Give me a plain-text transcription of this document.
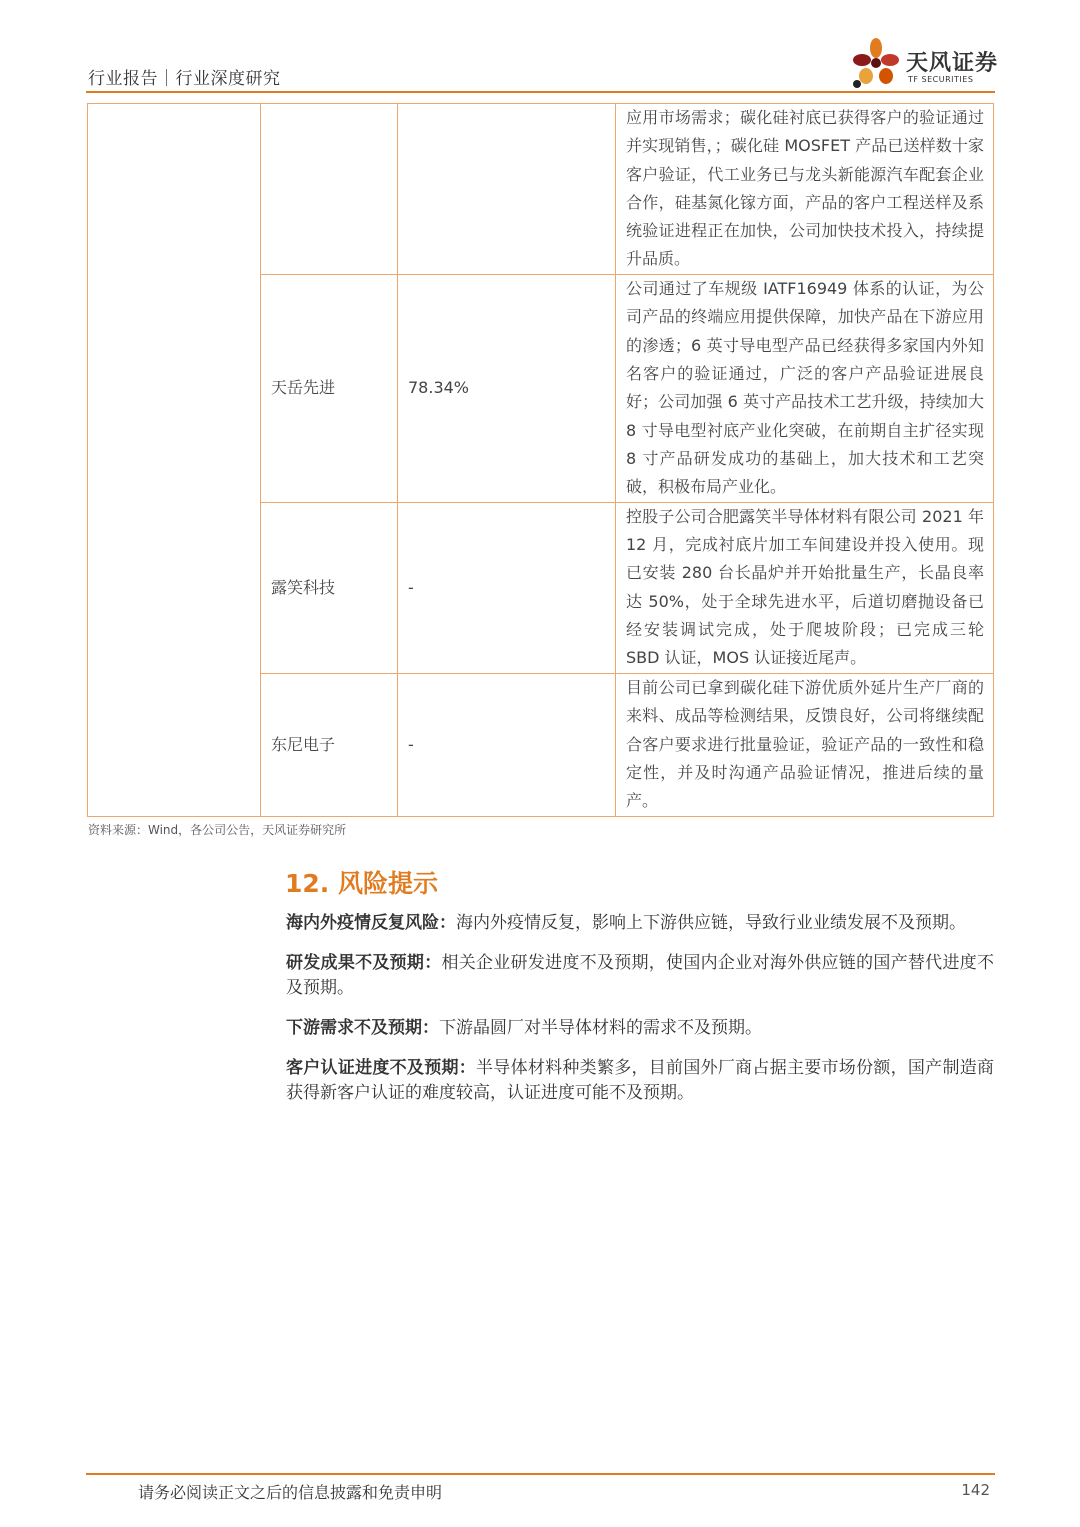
行业报告｜行业深度研究
天风证券
TF SECURITIES
			应用市场需求；碳化硅衬底已获得客户的验证通过并实现销售，；碳化硅 MOSFET 产品已送样数十家客户验证，代工业务已与龙头新能源汽车配套企业合作，硅基氮化镓方面，产品的客户工程送样及系统验证进程正在加快，公司加快技术投入，持续提升品质。
	天岳先进	78.34%	公司通过了车规级 IATF16949 体系的认证，为公司产品的终端应用提供保障，加快产品在下游应用的渗透；6 英寸导电型产品已经获得多家国内外知名客户的验证通过，广泛的客户产品验证进展良好；公司加强 6 英寸产品技术工艺升级，持续加大 8 寸导电型衬底产业化突破，在前期自主扩径实现 8 寸产品研发成功的基础上，加大技术和工艺突破，积极布局产业化。
	露笑科技	-	控股子公司合肥露笑半导体材料有限公司 2021 年 12 月，完成衬底片加工车间建设并投入使用。现已安装 280 台长晶炉并开始批量生产，长晶良率达 50%，处于全球先进水平，后道切磨抛设备已经安装调试完成，处于爬坡阶段；已完成三轮 SBD 认证，MOS 认证接近尾声。
	东尼电子	-	目前公司已拿到碳化硅下游优质外延片生产厂商的来料、成品等检测结果，反馈良好，公司将继续配合客户要求进行批量验证，验证产品的一致性和稳定性，并及时沟通产品验证情况，推进后续的量产。
资料来源：Wind，各公司公告，天风证券研究所
12. 风险提示
海内外疫情反复风险：海内外疫情反复，影响上下游供应链，导致行业业绩发展不及预期。
研发成果不及预期：相关企业研发进度不及预期，使国内企业对海外供应链的国产替代进度不及预期。
下游需求不及预期：下游晶圆厂对半导体材料的需求不及预期。
客户认证进度不及预期：半导体材料种类繁多，目前国外厂商占据主要市场份额，国产制造商获得新客户认证的难度较高，认证进度可能不及预期。
请务必阅读正文之后的信息披露和免责申明	142
